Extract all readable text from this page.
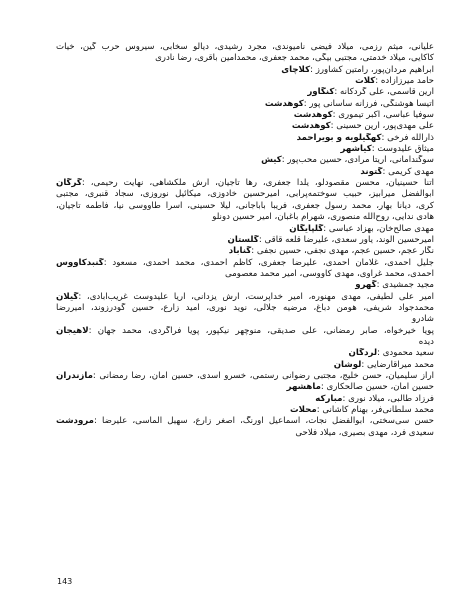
علیانی، میثم رزمی، میلاد فیضی نامیوندی، مجرد رشیدی، دیالو سخابی، سیروس حرب گین، خیات
کاکایی، میلاد خدمتی، مجتبی بیگی، محمد جعفری، محمدامین باقری، رضا نادری
ابراهیم مردان‌پور، رامتین کشاورز :کلاچای
حامد میرزازاده :کلات
آرین قاسمی، علی گردکانه :کنگاور
آتیسا هوشنگی، فرزانه ساسانی پور :کوهدشت
سوفیا عباسی، اکبر تیموری :کوهدشت
علی مهدی‌پور، آرین حسینی :کوهدشت
ذارالله فرخی :کهگیلویه و بویراحمد
میثاق علیدوست :کیاشهر
سوگندامانی، آریتا مرادی، حسین محب‌پور :کیش
مهدی کریمی :گتوند
آتنا حسینیان، محسن مقصودلو، یلدا جعفری، رها تاجیان، آرش ملکشاهی، نهایت رحیمی، :گرگان
ابوالفضل میرآبیز، حبیب سوختمه‌پرابی، امیرحسین خادوزی، میکائیل نوروزی، سجاد قنبری، مجتبی
کری، دیانا بهار، محمد رسول جعفری، فریبا باباجانی، لیلا حسینی، اسرا طاووسی نیا، فاطمه تاجیان،
هادی ندایی، روح‌الله منصوری، شهرام باغبان، امیر حسین دونلو
مهدی صالح‌خان، بهزاد عباسی :گلپایگان
امیرحسین آلوند، یاور سعدی، علیرضا قلعه قاقی :گلستان
نگار عجم، حسین عجم، مهدی نجفی، حسین نجفی :گناباد
جلیل احمدی، غلامان احمدی، علیرضا جعفری، کاظم احمدی، محمد احمدی، مسعود :گنبدکاووس
احمدی، محمد غراوی، مهدی کاووسی، امیر محمد معصومی
مجید جمشیدی :گهرو
امیر علی لطیفی، مهدی مهنوره، امیر خداپرست، آرش یزدانی، آریا علیدوست غریب‌آبادی، :گیلان
محمدجواد شریفی، هومن دباغ، مرضیه جلالی، نوید نوری، امید زارع، حسین گودرزوند، امیررضا
شادرو
پویا خیرخواه، صابر رمضانی، علی صدیقی، منوچهر نیکپور، پویا فراگردی، محمد جهان :لاهیجان
دیده
سعید محمودی :لردگان
محمد میرآقارضایی :لوشان
آراز سلیمیان، حسن خلیج، مجتبی رضوانی رستمی، خسرو اسدی، حسین امان، رضا رمضانی :مازندران
حسین امان، حسین صالحکاری :ماهشهر
فرزاد طالبی، میلاد نوری :مبارکه
محمد سلطانی‌فر، بهنام کاشانی :محلات
حسن سی‌سختی، ابوالفضل نجات، اسماعیل اورنگ، اصغر زارع، سهیل الماسی، علیرضا :مرودشت
سعیدی فرد، مهدی بصیری، میلاد فلاحی
143
